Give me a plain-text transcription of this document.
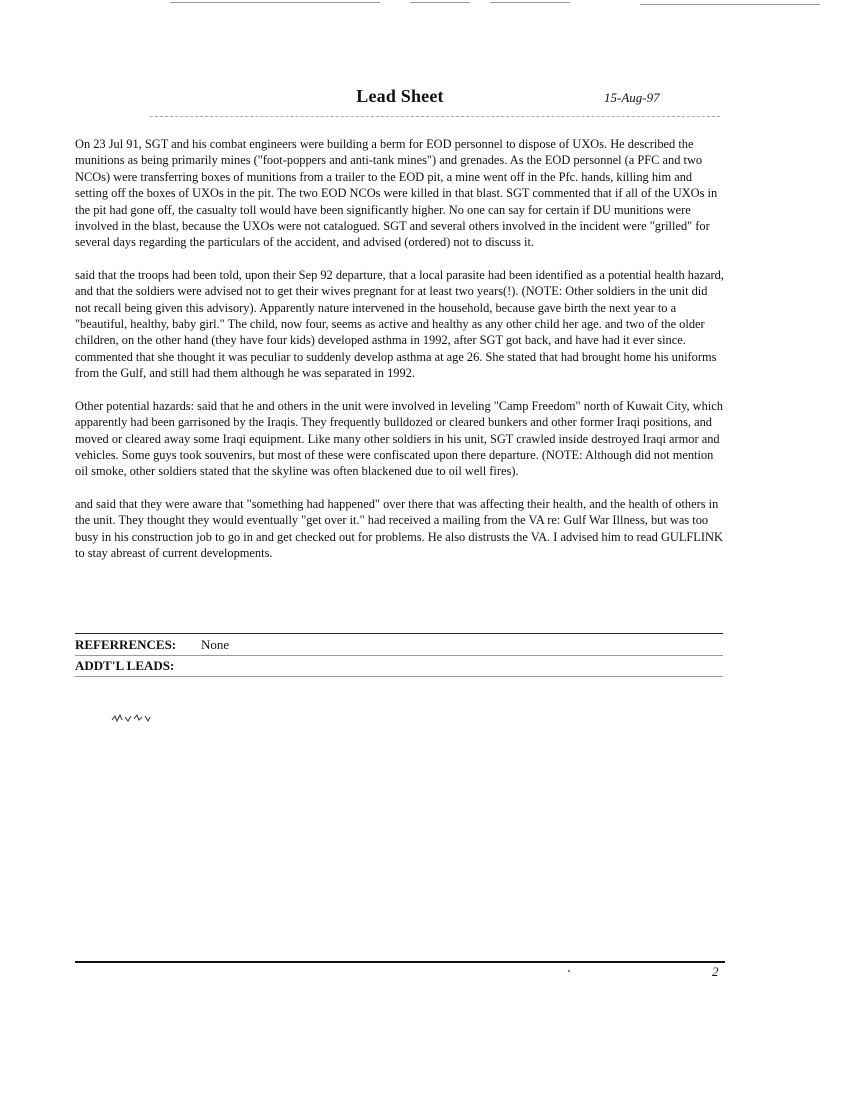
Lead Sheet	15-Aug-97

On 23 Jul 91, SGT and his combat engineers were building a berm for EOD personnel to dispose of UXOs. He described the munitions as being primarily mines ("foot-poppers and anti-tank mines") and grenades. As the EOD personnel (a PFC and two NCOs) were transferring boxes of munitions from a trailer to the EOD pit, a mine went off in the Pfc. hands, killing him and setting off the boxes of UXOs in the pit. The two EOD NCOs were killed in that blast. SGT commented that if all of the UXOs in the pit had gone off, the casualty toll would have been significantly higher. No one can say for certain if DU munitions were involved in the blast, because the UXOs were not catalogued. SGT and several others involved in the incident were "grilled" for several days regarding the particulars of the accident, and advised (ordered) not to discuss it.

said that the troops had been told, upon their Sep 92 departure, that a local parasite had been identified as a potential health hazard, and that the soldiers were advised not to get their wives pregnant for at least two years(!). (NOTE: Other soldiers in the unit did not recall being given this advisory). Apparently nature intervened in the household, because gave birth the next year to a "beautiful, healthy, baby girl." The child, now four, seems as active and healthy as any other child her age. and two of the older children, on the other hand (they have four kids) developed asthma in 1992, after SGT got back, and have had it ever since. commented that she thought it was peculiar to suddenly develop asthma at age 26. She stated that had brought home his uniforms from the Gulf, and still had them although he was separated in 1992.

Other potential hazards: said that he and others in the unit were involved in leveling "Camp Freedom" north of Kuwait City, which apparently had been garrisoned by the Iraqis. They frequently bulldozed or cleared bunkers and other former Iraqi positions, and moved or cleared away some Iraqi equipment. Like many other soldiers in his unit, SGT crawled inside destroyed Iraqi armor and vehicles. Some guys took souvenirs, but most of these were confiscated upon there departure. (NOTE: Although did not mention oil smoke, other soldiers stated that the skyline was often blackened due to oil well fires).

and said that they were aware that "something had happened" over there that was affecting their health, and the health of others in the unit. They thought they would eventually "get over it." had received a mailing from the VA re: Gulf War Illness, but was too busy in his construction job to go in and get checked out for problems. He also distrusts the VA. I advised him to read GULFLINK to stay abreast of current developments.

REFERRENCES: None
ADDT'L LEADS:
2
